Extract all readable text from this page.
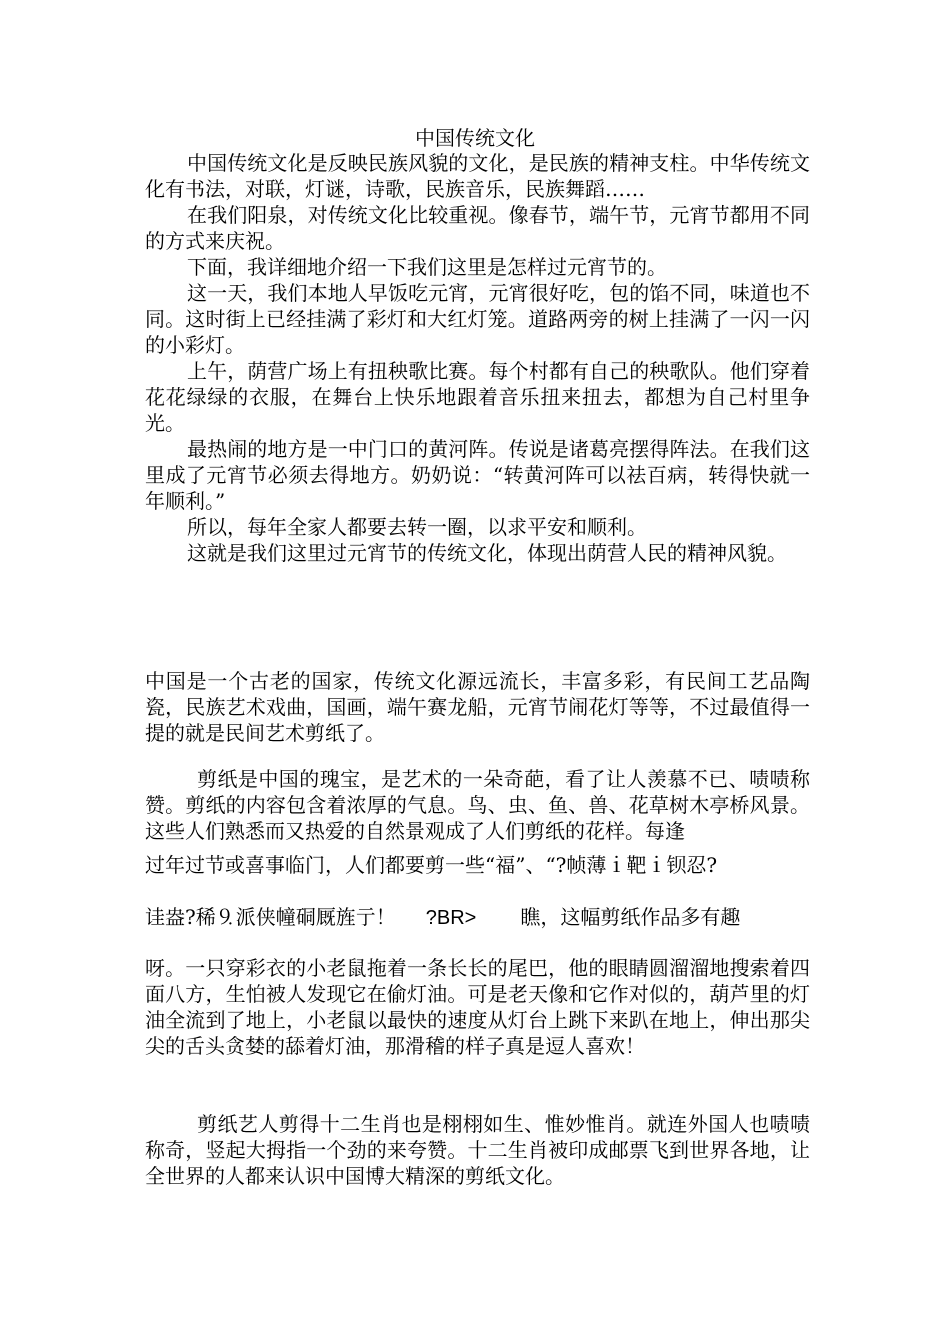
中国传统文化

中国传统文化是反映民族风貌的文化，是民族的精神支柱。中华传统文化有书法，对联，灯谜，诗歌，民族音乐，民族舞蹈……

在我们阳泉，对传统文化比较重视。像春节，端午节，元宵节都用不同的方式来庆祝。

下面，我详细地介绍一下我们这里是怎样过元宵节的。

这一天，我们本地人早饭吃元宵，元宵很好吃，包的馅不同，味道也不同。这时街上已经挂满了彩灯和大红灯笼。道路两旁的树上挂满了一闪一闪的小彩灯。

上午，荫营广场上有扭秧歌比赛。每个村都有自己的秧歌队。他们穿着花花绿绿的衣服，在舞台上快乐地跟着音乐扭来扭去，都想为自己村里争光。

最热闹的地方是一中门口的黄河阵。传说是诸葛亮摆得阵法。在我们这里成了元宵节必须去得地方。奶奶说：“转黄河阵可以祛百病，转得快就一年顺利。”

所以，每年全家人都要去转一圈，以求平安和顺利。

这就是我们这里过元宵节的传统文化，体现出荫营人民的精神风貌。

中国是一个古老的国家，传统文化源远流长，丰富多彩，有民间工艺品陶瓷，民族艺术戏曲，国画，端午赛龙船，元宵节闹花灯等等，不过最值得一提的就是民间艺术剪纸了。

剪纸是中国的瑰宝，是艺术的一朵奇葩，看了让人羡慕不已、啧啧称赞。剪纸的内容包含着浓厚的气息。鸟、虫、鱼、兽、花草树木亭桥风景。这些人们熟悉而又热爱的自然景观成了人们剪纸的花样。每逢

过年过节或喜事临门，人们都要剪一些“福”、“?帧薄ｉ靶ｉ钡忍?

诖盎?稀⒐派侠幢硐厩旌亍！ ?BR> 瞧，这幅剪纸作品多有趣

呀。一只穿彩衣的小老鼠拖着一条长长的尾巴，他的眼睛圆溜溜地搜索着四面八方，生怕被人发现它在偷灯油。可是老天像和它作对似的，葫芦里的灯油全流到了地上，小老鼠以最快的速度从灯台上跳下来趴在地上，伸出那尖尖的舌头贪婪的舔着灯油，那滑稽的样子真是逗人喜欢！

剪纸艺人剪得十二生肖也是栩栩如生、惟妙惟肖。就连外国人也啧啧称奇，竖起大拇指一个劲的来夸赞。十二生肖被印成邮票飞到世界各地，让全世界的人都来认识中国博大精深的剪纸文化。
